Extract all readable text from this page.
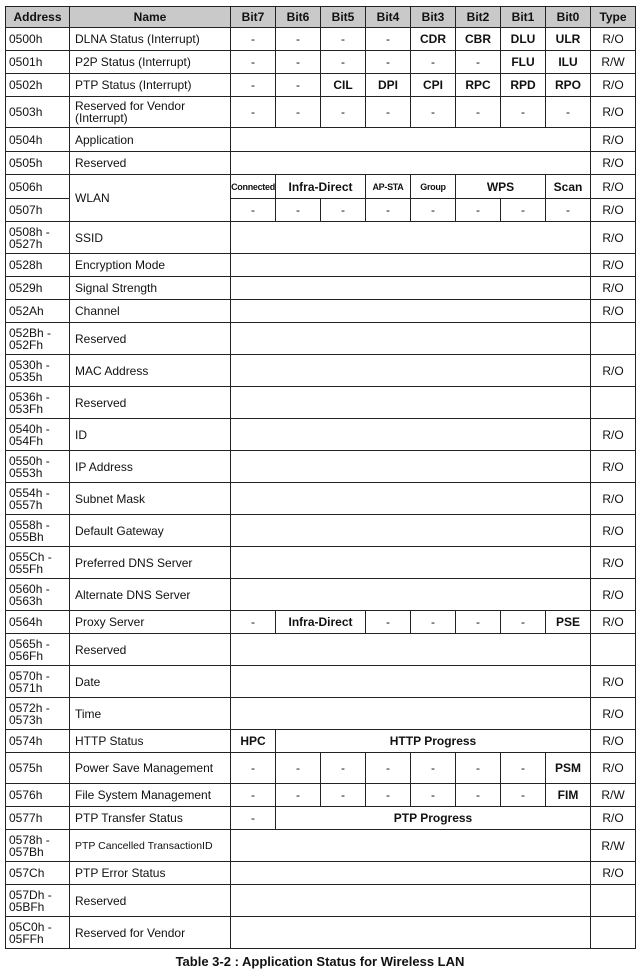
Address	Name	Bit7	Bit6	Bit5	Bit4	Bit3	Bit2	Bit1	Bit0	Type
0500h	DLNA Status (Interrupt)	-	-	-	-	CDR	CBR	DLU	ULR	R/O
0501h	P2P Status (Interrupt)	-	-	-	-	-	-	FLU	ILU	R/W
0502h	PTP Status (Interrupt)	-	-	CIL	DPI	CPI	RPC	RPD	RPO	R/O
0503h	Reserved for Vendor (Interrupt)	-	-	-	-	-	-	-	-	R/O
0504h	Application									R/O
0505h	Reserved									R/O
0506h	WLAN	Connected	Infra-Direct		AP-STA	Group	WPS		Scan	R/O
0507h		-	-	-	-	-	-	-	-	R/O
0508h - 0527h	SSID									R/O
0528h	Encryption Mode									R/O
0529h	Signal Strength									R/O
052Ah	Channel									R/O
052Bh - 052Fh	Reserved									
0530h - 0535h	MAC Address									R/O
0536h - 053Fh	Reserved									
0540h - 054Fh	ID									R/O
0550h - 0553h	IP Address									R/O
0554h - 0557h	Subnet Mask									R/O
0558h - 055Bh	Default Gateway									R/O
055Ch - 055Fh	Preferred DNS Server									R/O
0560h - 0563h	Alternate DNS Server									R/O
0564h	Proxy Server	-	Infra-Direct		-	-	-	-	PSE	R/O
0565h - 056Fh	Reserved									
0570h - 0571h	Date									R/O
0572h - 0573h	Time									R/O
0574h	HTTP Status	HPC	HTTP Progress							R/O
0575h	Power Save Management	-	-	-	-	-	-	-	PSM	R/O
0576h	File System Management	-	-	-	-	-	-	-	FIM	R/W
0577h	PTP Transfer Status	-	PTP Progress							R/O
0578h - 057Bh	PTP Cancelled TransactionID									R/W
057Ch	PTP Error Status									R/O
057Dh - 05BFh	Reserved									
05C0h - 05FFh	Reserved for Vendor									
Table 3-2 : Application Status for Wireless LAN
